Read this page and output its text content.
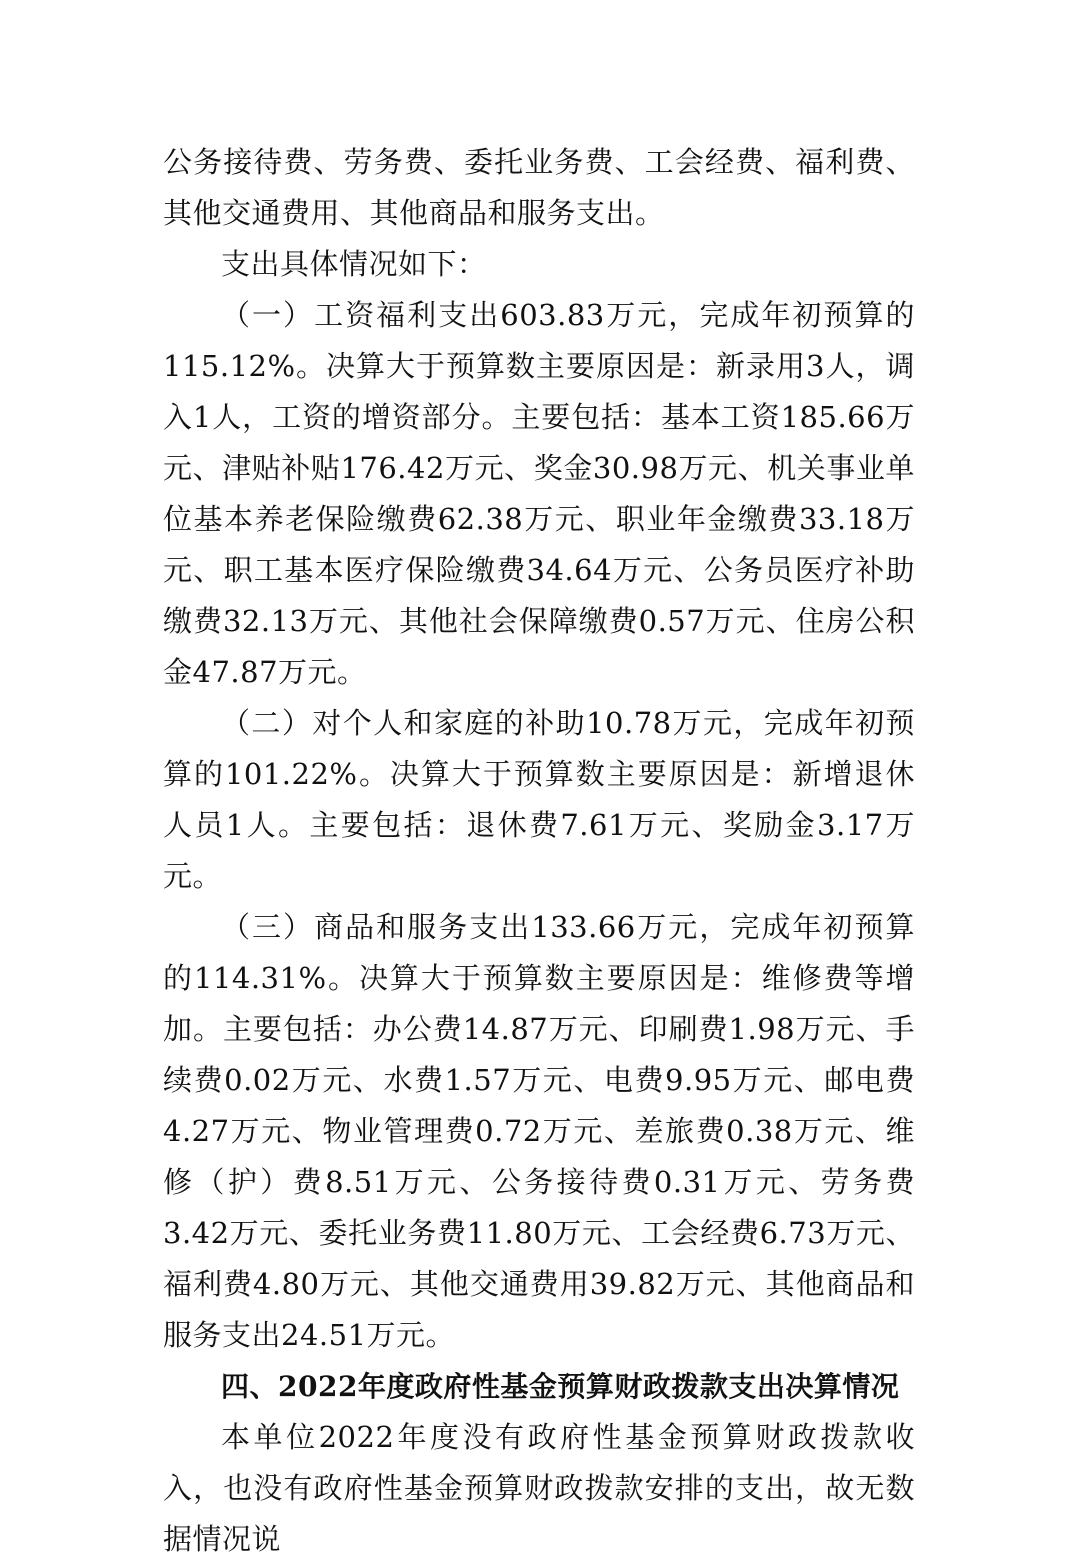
公务接待费、劳务费、委托业务费、工会经费、福利费、其他交通费用、其他商品和服务支出。

支出具体情况如下：

（一）工资福利支出603.83万元，完成年初预算的115.12%。决算大于预算数主要原因是：新录用3人，调入1人，工资的增资部分。主要包括：基本工资185.66万元、津贴补贴176.42万元、奖金30.98万元、机关事业单位基本养老保险缴费62.38万元、职业年金缴费33.18万元、职工基本医疗保险缴费34.64万元、公务员医疗补助缴费32.13万元、其他社会保障缴费0.57万元、住房公积金47.87万元。

（二）对个人和家庭的补助10.78万元，完成年初预算的101.22%。决算大于预算数主要原因是：新增退休人员1人。主要包括：退休费7.61万元、奖励金3.17万元。

（三）商品和服务支出133.66万元，完成年初预算的114.31%。决算大于预算数主要原因是：维修费等增加。主要包括：办公费14.87万元、印刷费1.98万元、手续费0.02万元、水费1.57万元、电费9.95万元、邮电费4.27万元、物业管理费0.72万元、差旅费0.38万元、维修（护）费8.51万元、公务接待费0.31万元、劳务费3.42万元、委托业务费11.80万元、工会经费6.73万元、福利费4.80万元、其他交通费用39.82万元、其他商品和服务支出24.51万元。

四、2022年度政府性基金预算财政拨款支出决算情况

本单位2022年度没有政府性基金预算财政拨款收入，也没有政府性基金预算财政拨款安排的支出，故无数据情况说
